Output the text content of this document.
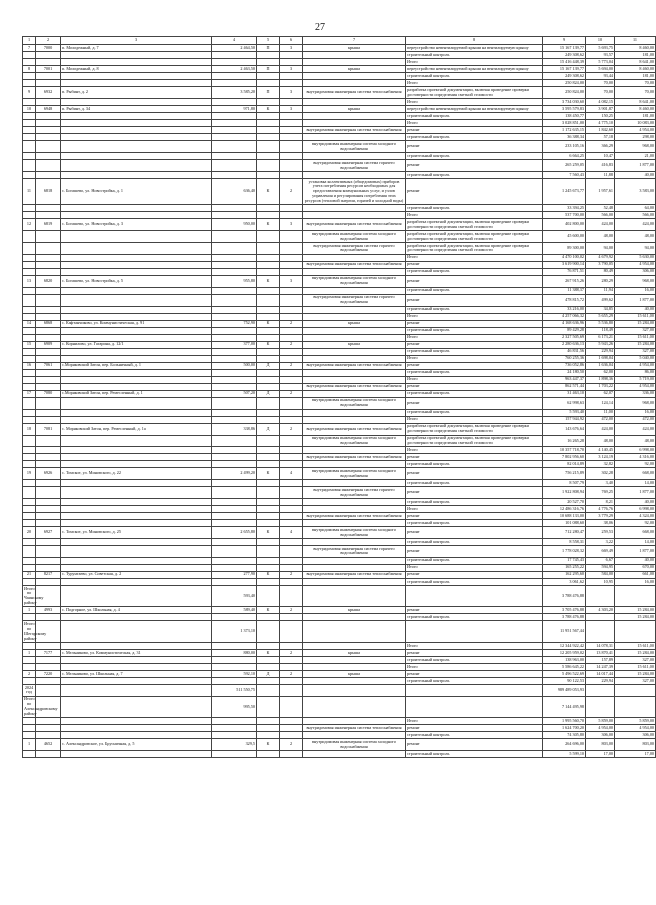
27
1	2	3	4	5	6	7	8	9	10	11
7	7000	п. Молодежный, д. 7	2 464,50	П	3	крыша	переустройство невентилируемой крыши на вентилируемую крышу	15 167 139,77	5 693,75	8 460,00
							строительный контроль	249 308,62	93,57	181,00
							Итого	15 416 448,39	5 773,04	8 641,00
8	7001	п. Молодежный, д. 8	2 463,50	П	3	крыша	переустройство невентилируемой крыши на вентилируемую крышу	15 167 139,77	5 694,00	8 460,00
							строительный контроль	249 308,62	93,44	181,00
							Итого	250 824,00	70,00	70,00
9	6932	п. Рыбинт, д. 2	3 585,20	П	3	внутридомовая инженерная система теплоснабжения	разработка проектной документации, включая проведение проверки достоверности определения сметной стоимости	250 824,00	70,00	70,00
							Итого	3 734 030,60	4 082,15	8 641,00
10	6948	п. Рыбинт, д. 34	971,80	К	3	крыша	переустройство невентилируемой крыши на вентилируемую крышу	3 595 579,83	3 901,87	8 460,00
							строительный контроль	138 450,77	150,25	181,00
							Итого	3 028 851,00	4 775,10	10 083,00
						внутридомовая инженерная система теплоснабжения	ремонт	1 172 635,15	1 842,60	4 954,00
							строительный контроль	36 388,34	57,18	298,00
						внутридомовая инженерная система холодного водоснабжения	ремонт	233 105,16	366,29	968,00
							строительный контроль	6 664,25	10,47	21,00
						внутридомовая инженерная система горячего водоснабжения	ремонт	265 259,05	416,83	1 877,00
							строительный контроль	7 560,43	11,88	40,00
11	6818	с. Богашево, ул. Новостройка, д. 1	636,40	К	2	установка коллективных (общедомовых) приборов учета потребления ресурсов необходимых для предоставления коммунальных услуг, и узлов управления и регулирования потребления этих ресурсов (тепловой энергии, горячей и холодной воды)	ремонт	1 245 673,77	1 957,61	3 583,00
							строительный контроль	33 394,25	52,48	64,00
							Итого	537 700,00	566,00	566,00
12	6819	с. Богашево, ул. Новостройка, д. 3	950,00	К	3	внутридомовая инженерная система теплоснабжения	разработка проектной документации, включая проведение проверки достоверности определения сметной стоимости	402 800,00	424,00	424,00
						внутридомовая инженерная система холодного водоснабжения	разработка проектной документации, включая проведение проверки достоверности определения сметной стоимости	45 600,00	48,00	48,00
						внутридомовая инженерная система горячего водоснабжения	разработка проектной документации, включая проведение проверки достоверности определения сметной стоимости	89 300,00	94,00	94,00
							Итого	4 470 100,02	4 679,92	5 630,00
						внутридомовая инженерная система теплоснабжения	ремонт	3 619 900,14	3 790,05	4 954,00
							строительный контроль	76 871,51	80,49	306,00
13	6820	с. Богашево, ул. Новостройка, д. 5	955,80	К	3	внутридомовая инженерная система холодного водоснабжения	ремонт	267 915,26	280,29	968,00
							строительный контроль	11 388,37	11,94	16,00
						внутридомовая инженерная система горячего водоснабжения	ремонт	478 815,72	499,62	1 877,00
							строительный контроль	33 216,00	34,85	40,00
							Итого	4 257 066,32	5 655,29	15 611,00
14	6868	с. Кафтанчиково, ул. Коммунистическая, д. 91	752,90	К	2	крыша	ремонт	4 168 636,96	5 536,80	15 284,00
							строительный контроль	89 429,28	118,49	327,00
							Итого	2 327 505,69	6 173,21	15 611,00
15	6909	с. Корнилово, ул. Гагарина, д. 12/1	377,00	К	2	крыша	ремонт	2 280 636,13	5 943,26	15 284,00
							строительный контроль	46 831,56	229,94	327,00
							Итого	760 255,36	1 698,04	5 040,00
16	7061	с.Моряковский Затон, пер. Больничный, д. 1	500,00	Д	2	внутридомовая инженерная система теплоснабжения	ремонт	736 052,86	1 636,04	4 954,00
							строительный контроль	24 180,50	62,00	86,00
							Итого	963 447,37	1 898,36	5 719,00
						внутридомовая инженерная система теплоснабжения	ремонт	862 571,44	1 703,22	4 954,00
17	7080	с.Моряковский Затон, пер. Ремесленный, д. 1	507,20	Д	2		строительный контроль	31 463,10	62,07	336,00
						внутридомовая инженерная система холодного водоснабжения	ремонт	62 998,63	124,14	968,00
							строительный контроль	5 593,40	11,00	16,00
							Итого	157 944,92	472,00	472,00
18	7081	с. Моряковский Затон, пер. Ремесленный, д. 1а	338,86	Д	2	внутридомовая инженерная система теплоснабжения	разработка проектной документации, включая проведение проверки достоверности определения сметной стоимости	143 676,64	424,00	424,00
						внутридомовая инженерная система холодного водоснабжения	разработка проектной документации, включая проведение проверки достоверности определения сметной стоимости	16 265,28	48,00	48,00
							Итого	10 357 718,70	4 140,45	6 998,00
						внутридомовая инженерная система теплоснабжения	ремонт	7 802 956,60	3 124,19	4 316,00
							строительный контроль	82 014,89	32,82	92,00
19	6926	с. Томское, ул. Миновского, д. 22	2 499,20	К	4	внутридомовая инженерная система холодного водоснабжения	ремонт	756 215,89	302,28	668,00
							строительный контроль	8 507,79	3,40	14,00
						внутридомовая инженерная система горячего водоснабжения	ремонт	1 922 808,94	769,25	1 877,00
							строительный контроль	20 527,70	8,21	40,00
							Итого	12 486 316,76	4 776,76	6 998,00
						внутридомовая инженерная система теплоснабжения	ремонт	10 688 133,00	3 779,29	4 324,00
							строительный контроль	101 088,60	38,06	92,00
20	6927	с. Томское, ул. Миновского, д. 25	2 655,80	К	4	внутридомовая инженерная система холодного водоснабжения	ремонт	712 280,47	259,53	668,00
							строительный контроль	8 558,31	3,22	14,00
						внутридомовая инженерная система горячего водоснабжения	ремонт	1 778 028,32	669,49	1 877,00
							строительный контроль	17 745,43	6,67	40,00
							Итого	165 255,22	594,95	670,00
21	8217	с. Турунтаево, ул. Советская, д. 2	277,90	К	2	внутридомовая инженерная система теплоснабжения	ремонт	162 295,60	584,00	661,00
							строительный контроль	3 061,62	10,95	16,00
Итого по Чаинскому району			593,40					3 788 476,88		
1	4993	с. Подгорное, ул. Школьная, д. 4	589,40	К	2	крыша	ремонт	3 705 476,88	4 303,20	15 284,00
							строительный контроль	3 788 476,88		15 284,00
Итого по Шегарскому району			1 373,10					11 951 567,44		
							Итого	12 344 922,42	14 078,31	15 611,00
1	7177	с. Мельниково, ул. Коммунистическая, д. 31	880,00	К	2	крыша	ремонт	12 205 959,02	13 870,41	15 284,00
							строительный контроль	138 963,00	157,89	327,00
							Итого	5 586 645,22	14 247,39	15 611,00
2	7220	с. Мельниково, ул. Школьная, д. 7	592,10	Д	2	крыша	ремонт	5 496 522,69	14 017,44	15 284,00
							строительный контроль	90 122,53	229,94	327,00
2024 год			511 550,75					989 489 053,93		
Итого по Александровскому району			995,50					7 144 495,98		
							Итого	1 995 560,70	5 859,00	5 859,00
						внутридомовая инженерная система теплоснабжения	ремонт	1 624 700,20	4 954,00	4 954,00
							строительный контроль	74 305,80	306,00	306,00
1	4652	с. Александровское, ул. Брусничная, д. 5	329,5	К	2	внутридомовая инженерная система холодного водоснабжения	ремонт	264 696,00	803,00	803,00
							строительный контроль	5 599,10	17,00	17,00
